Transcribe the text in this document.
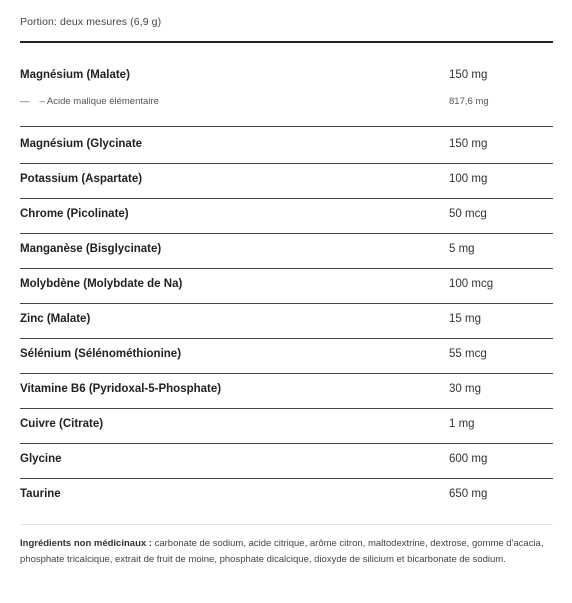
Portion: deux mesures (6,9 g)
Magnésium (Malate)	150 mg
— – Acide malique élémentaire	817,6 mg
Magnésium (Glycinate	150 mg
Potassium (Aspartate)	100 mg
Chrome (Picolinate)	50 mcg
Manganèse (Bisglycinate)	5 mg
Molybdène (Molybdate de Na)	100 mcg
Zinc (Malate)	15 mg
Sélénium (Sélénométhionine)	55 mcg
Vitamine B6 (Pyridoxal-5-Phosphate)	30 mg
Cuivre (Citrate)	1 mg
Glycine	600 mg
Taurine	650 mg
Ingrédients non médicinaux : carbonate de sodium, acide citrique, arôme citron, maltodextrine, dextrose, gomme d'acacia, phosphate tricalcique, extrait de fruit de moine, phosphate dicalcique, dioxyde de silicium et bicarbonate de sodium.
